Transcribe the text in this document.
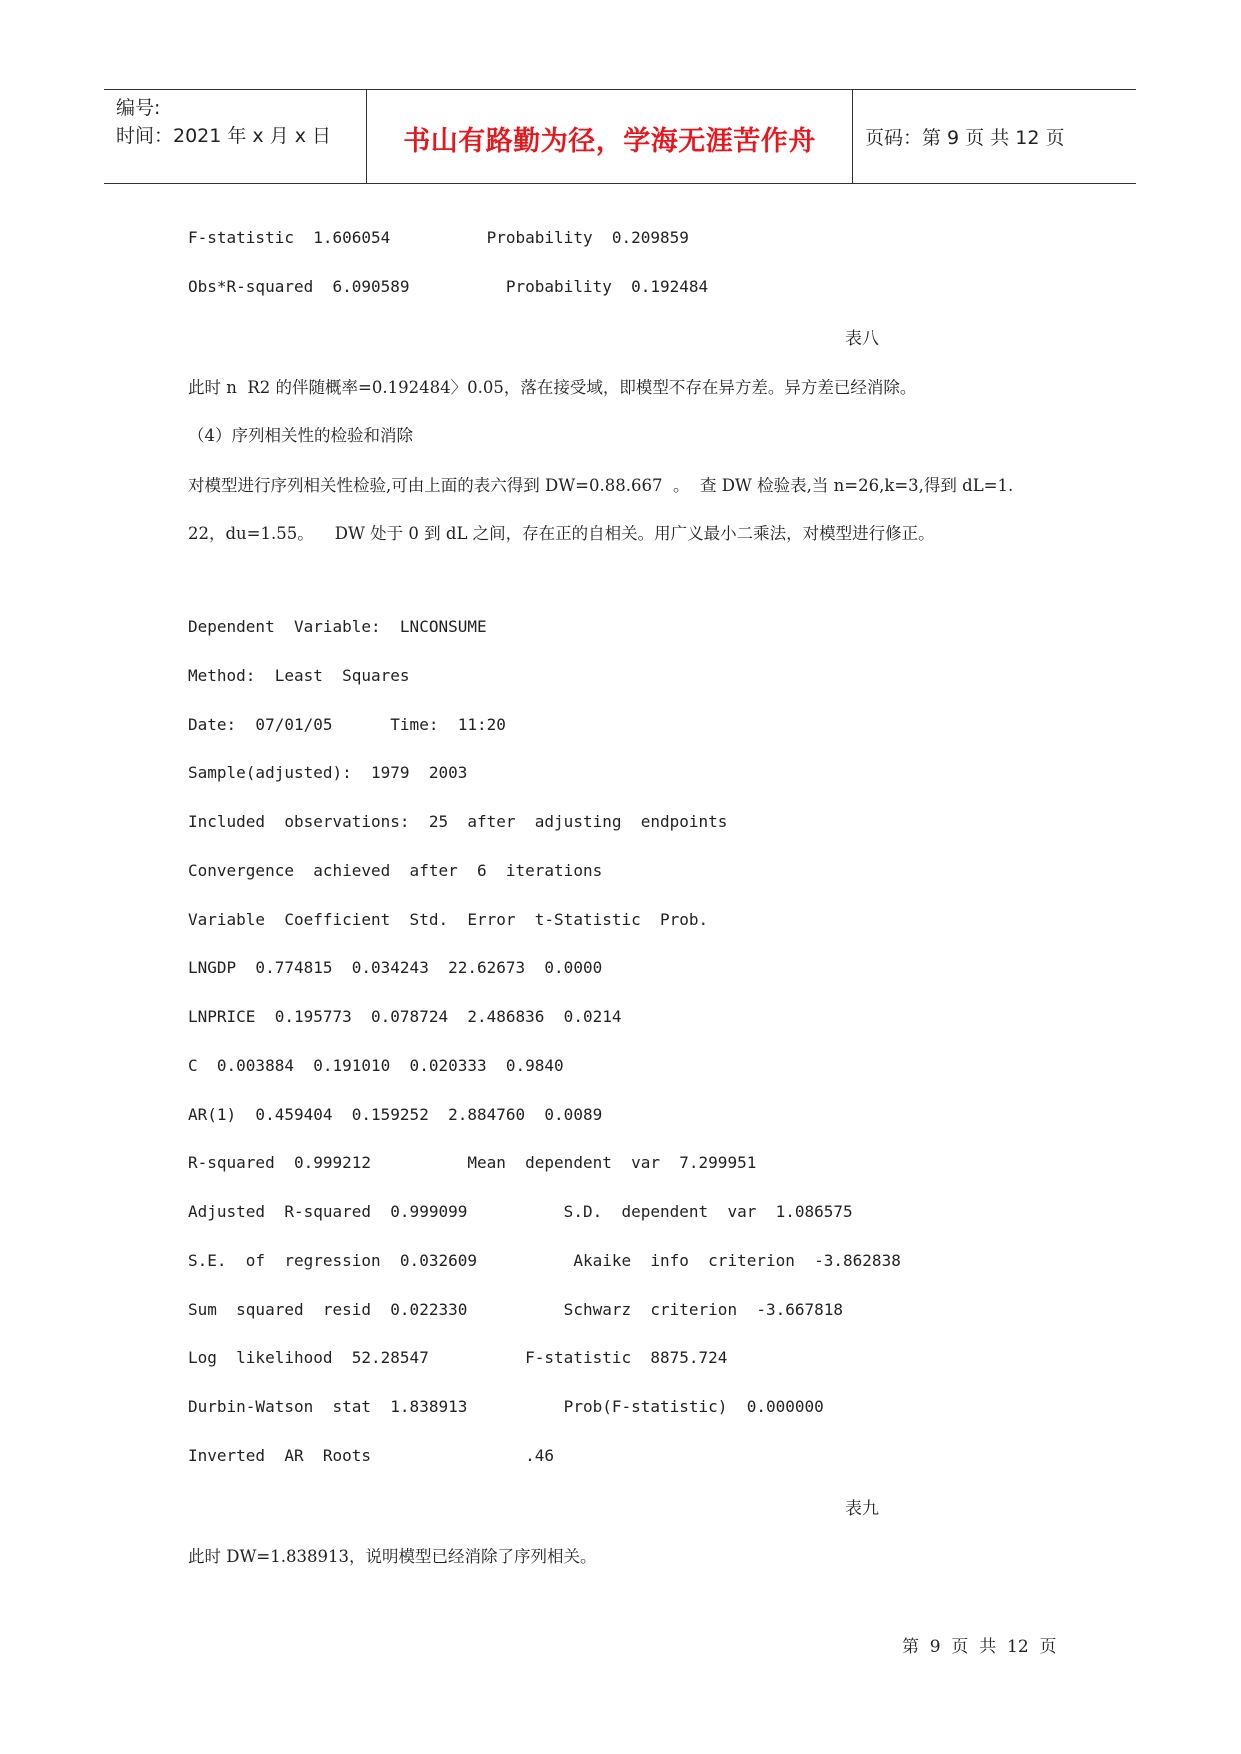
编号:
时间：2021 年 x 月 x 日	书山有路勤为径，学海无涯苦作舟	页码：第 9 页 共 12 页
F-statistic  1.606054          Probability  0.209859
Obs*R-squared  6.090589          Probability  0.192484
表八
此时 n  R2 的伴随概率=0.192484〉0.05，落在接受域，即模型不存在异方差。异方差已经消除。
（4）序列相关性的检验和消除
对模型进行序列相关性检验,可由上面的表六得到 DW=0.88.667  。  查 DW 检验表,当 n=26,k=3,得到 dL=1.
22，du=1.55。    DW 处于 0 到 dL 之间，存在正的自相关。用广义最小二乘法，对模型进行修正。
Dependent  Variable:  LNCONSUME
Method:  Least  Squares
Date:  07/01/05      Time:  11:20
Sample(adjusted):  1979  2003
Included  observations:  25  after  adjusting  endpoints
Convergence  achieved  after  6  iterations
Variable  Coefficient  Std.  Error  t-Statistic  Prob.
LNGDP  0.774815  0.034243  22.62673  0.0000
LNPRICE  0.195773  0.078724  2.486836  0.0214
C  0.003884  0.191010  0.020333  0.9840
AR(1)  0.459404  0.159252  2.884760  0.0089
R-squared  0.999212          Mean  dependent  var  7.299951
Adjusted  R-squared  0.999099          S.D.  dependent  var  1.086575
S.E.  of  regression  0.032609          Akaike  info  criterion  -3.862838
Sum  squared  resid  0.022330          Schwarz  criterion  -3.667818
Log  likelihood  52.28547          F-statistic  8875.724
Durbin-Watson  stat  1.838913          Prob(F-statistic)  0.000000
Inverted  AR  Roots                .46
表九
此时 DW=1.838913，说明模型已经消除了序列相关。
第  9  页  共  12  页
